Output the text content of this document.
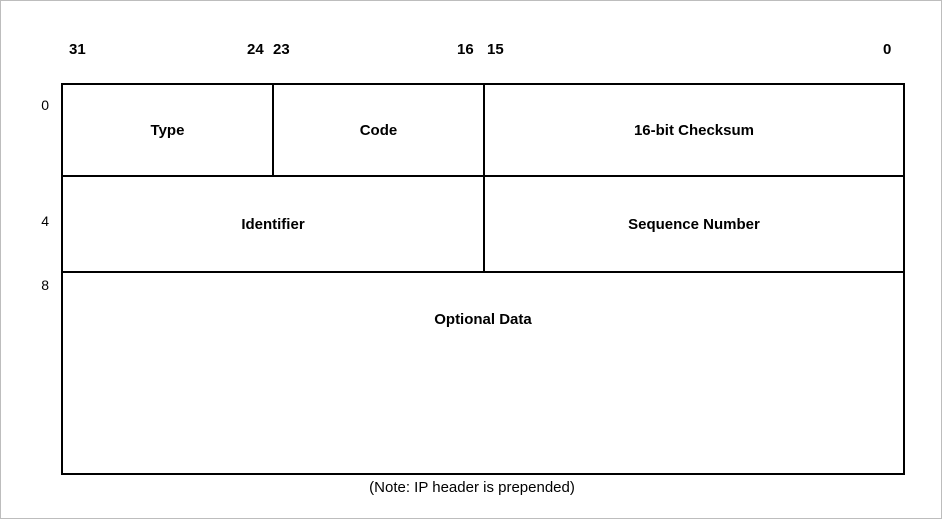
31	24 23	16 15	0
0
4
8
Type	Code	16-bit Checksum
Identifier		Sequence Number

Optional Data		
(Note: IP header is prepended)
